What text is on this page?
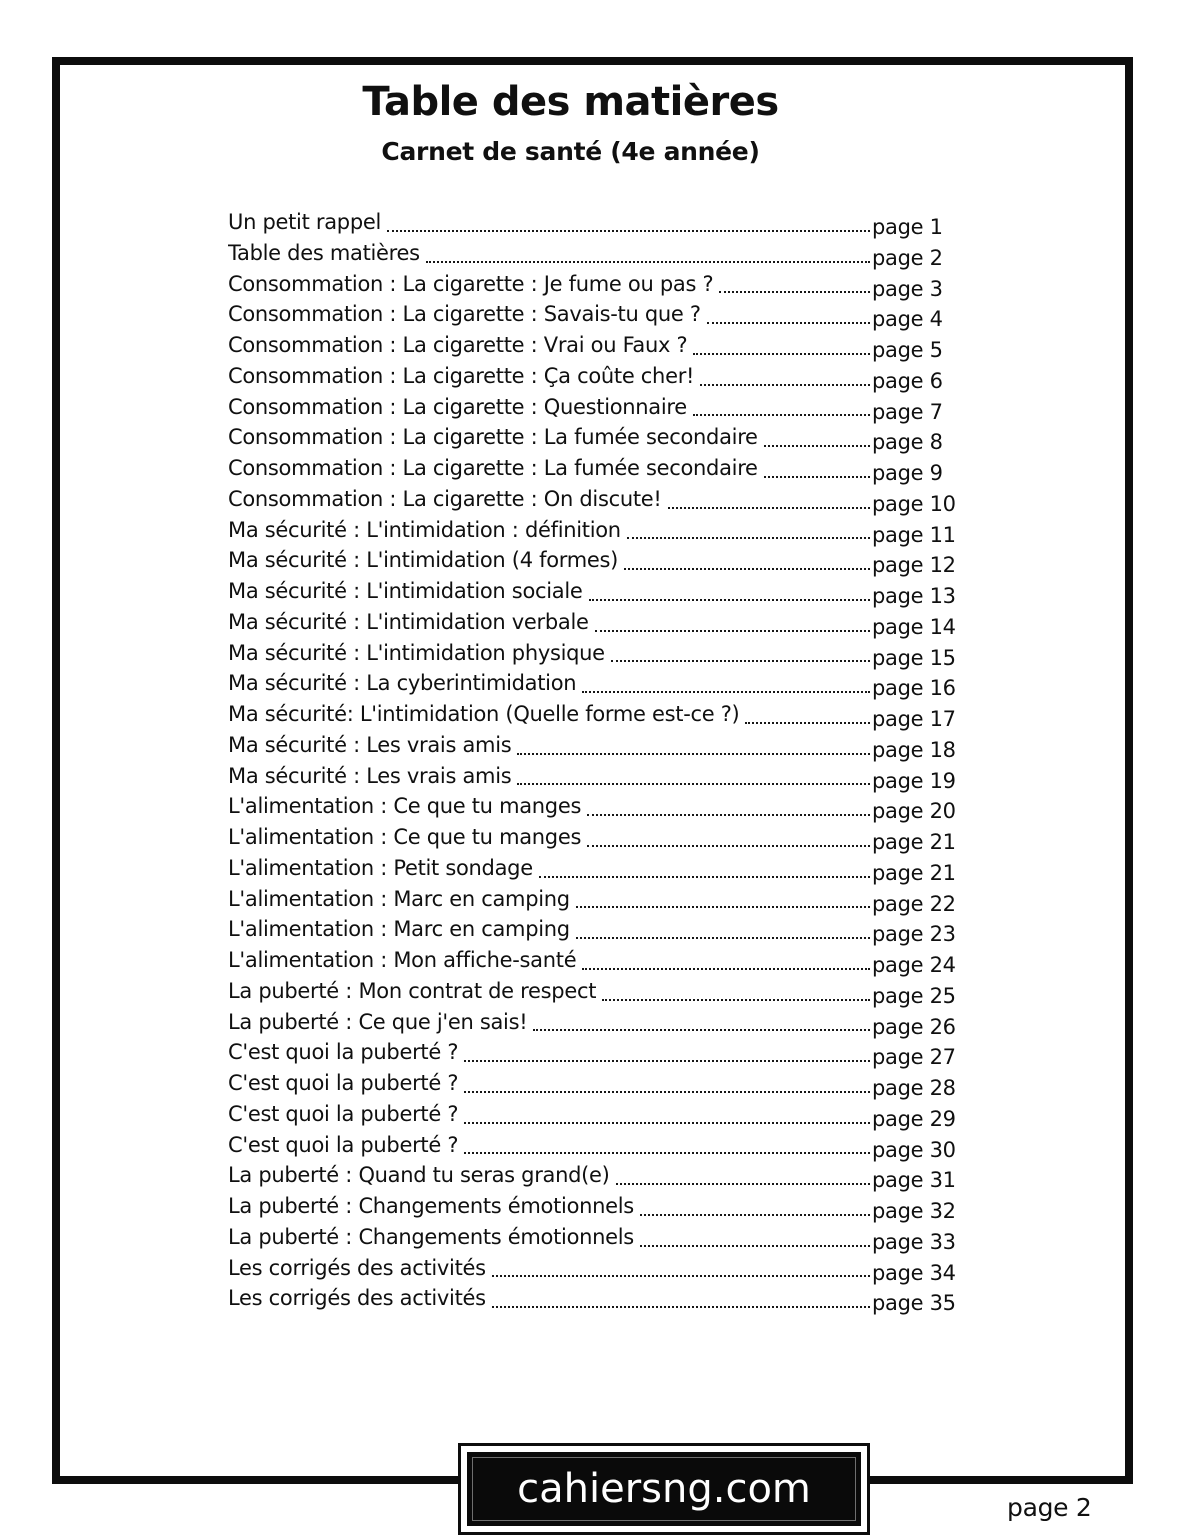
Table des matières
Carnet de santé (4e année)
Un petit rappel	page 1
Table des matières	page 2
Consommation : La cigarette : Je fume ou pas ?	page 3
Consommation : La cigarette : Savais-tu que ?	page 4
Consommation : La cigarette : Vrai ou Faux ?	page 5
Consommation : La cigarette : Ça coûte cher!	page 6
Consommation : La cigarette : Questionnaire	page 7
Consommation : La cigarette : La fumée secondaire	page 8
Consommation : La cigarette : La fumée secondaire	page 9
Consommation : La cigarette : On discute!	page 10
Ma sécurité : L'intimidation : définition	page 11
Ma sécurité : L'intimidation (4 formes)	page 12
Ma sécurité : L'intimidation sociale	page 13
Ma sécurité : L'intimidation verbale	page 14
Ma sécurité : L'intimidation physique	page 15
Ma sécurité : La cyberintimidation	page 16
Ma sécurité: L'intimidation (Quelle forme est-ce ?)	page 17
Ma sécurité : Les vrais amis	page 18
Ma sécurité : Les vrais amis	page 19
L'alimentation : Ce que tu manges	page 20
L'alimentation : Ce que tu manges	page 21
L'alimentation : Petit sondage	page 21
L'alimentation : Marc en camping	page 22
L'alimentation : Marc en camping	page 23
L'alimentation : Mon affiche-santé	page 24
La puberté : Mon contrat de respect	page 25
La puberté : Ce que j'en sais!	page 26
C'est quoi la puberté ?	page 27
C'est quoi la puberté ?	page 28
C'est quoi la puberté ?	page 29
C'est quoi la puberté ?	page 30
La puberté : Quand tu seras grand(e)	page 31
La puberté : Changements émotionnels	page 32
La puberté : Changements émotionnels	page 33
Les corrigés des activités	page 34
Les corrigés des activités	page 35
cahiersng.com	page 2
